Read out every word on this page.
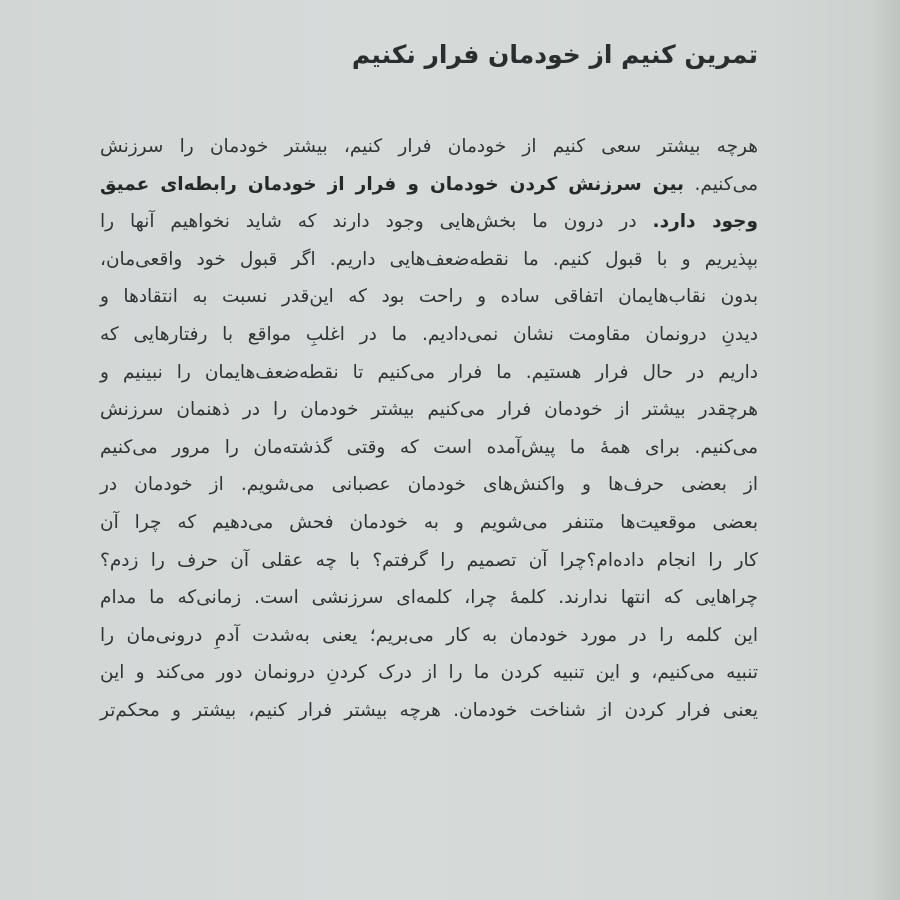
تمرین کنیم از خودمان فرار نکنیم
هرچه بیشتر سعی کنیم از خودمان فرار کنیم، بیشتر خودمان را سرزنش
می‌کنیم. بین سرزنش کردن خودمان و فرار از خودمان رابطه‌ای عمیق
وجود دارد. در درون ما بخش‌هایی وجود دارند که شاید نخواهیم آنها را
بپذیریم و با قبول کنیم. ما نقطه‌ضعف‌هایی داریم. اگر قبول خود واقعی‌مان،
بدون نقاب‌هایمان اتفاقی ساده و راحت بود که این‌قدر نسبت به انتقادها و
دیدنِ درونمان مقاومت نشان نمی‌دادیم. ما در اغلبِ مواقع با رفتارهایی که
داریم در حال فرار هستیم. ما فرار می‌کنیم تا نقطه‌ضعف‌هایمان را نبینیم و
هرچقدر بیشتر از خودمان فرار می‌کنیم بیشتر خودمان را در ذهنمان سرزنش
می‌کنیم. برای همهٔ ما پیش‌آمده است که وقتی گذشته‌مان را مرور می‌کنیم
از بعضی حرف‌ها و واکنش‌های خودمان عصبانی می‌شویم. از خودمان در
بعضی موقعیت‌ها متنفر می‌شویم و به خودمان فحش می‌دهیم که چرا آن
کار را انجام داده‌ام؟چرا آن تصمیم را گرفتم؟ با چه عقلی آن حرف را زدم؟
چراهایی که انتها ندارند. کلمهٔ چرا، کلمه‌ای سرزنشی است. زمانی‌که ما مدام
این کلمه را در مورد خودمان به کار می‌بریم؛ یعنی به‌شدت آدمِ درونی‌مان را
تنبیه می‌کنیم، و این تنبیه کردن ما را از درک کردنِ درونمان دور می‌کند و این
یعنی فرار کردن از شناخت خودمان. هرچه بیشتر فرار کنیم، بیشتر و محکم‌تر
